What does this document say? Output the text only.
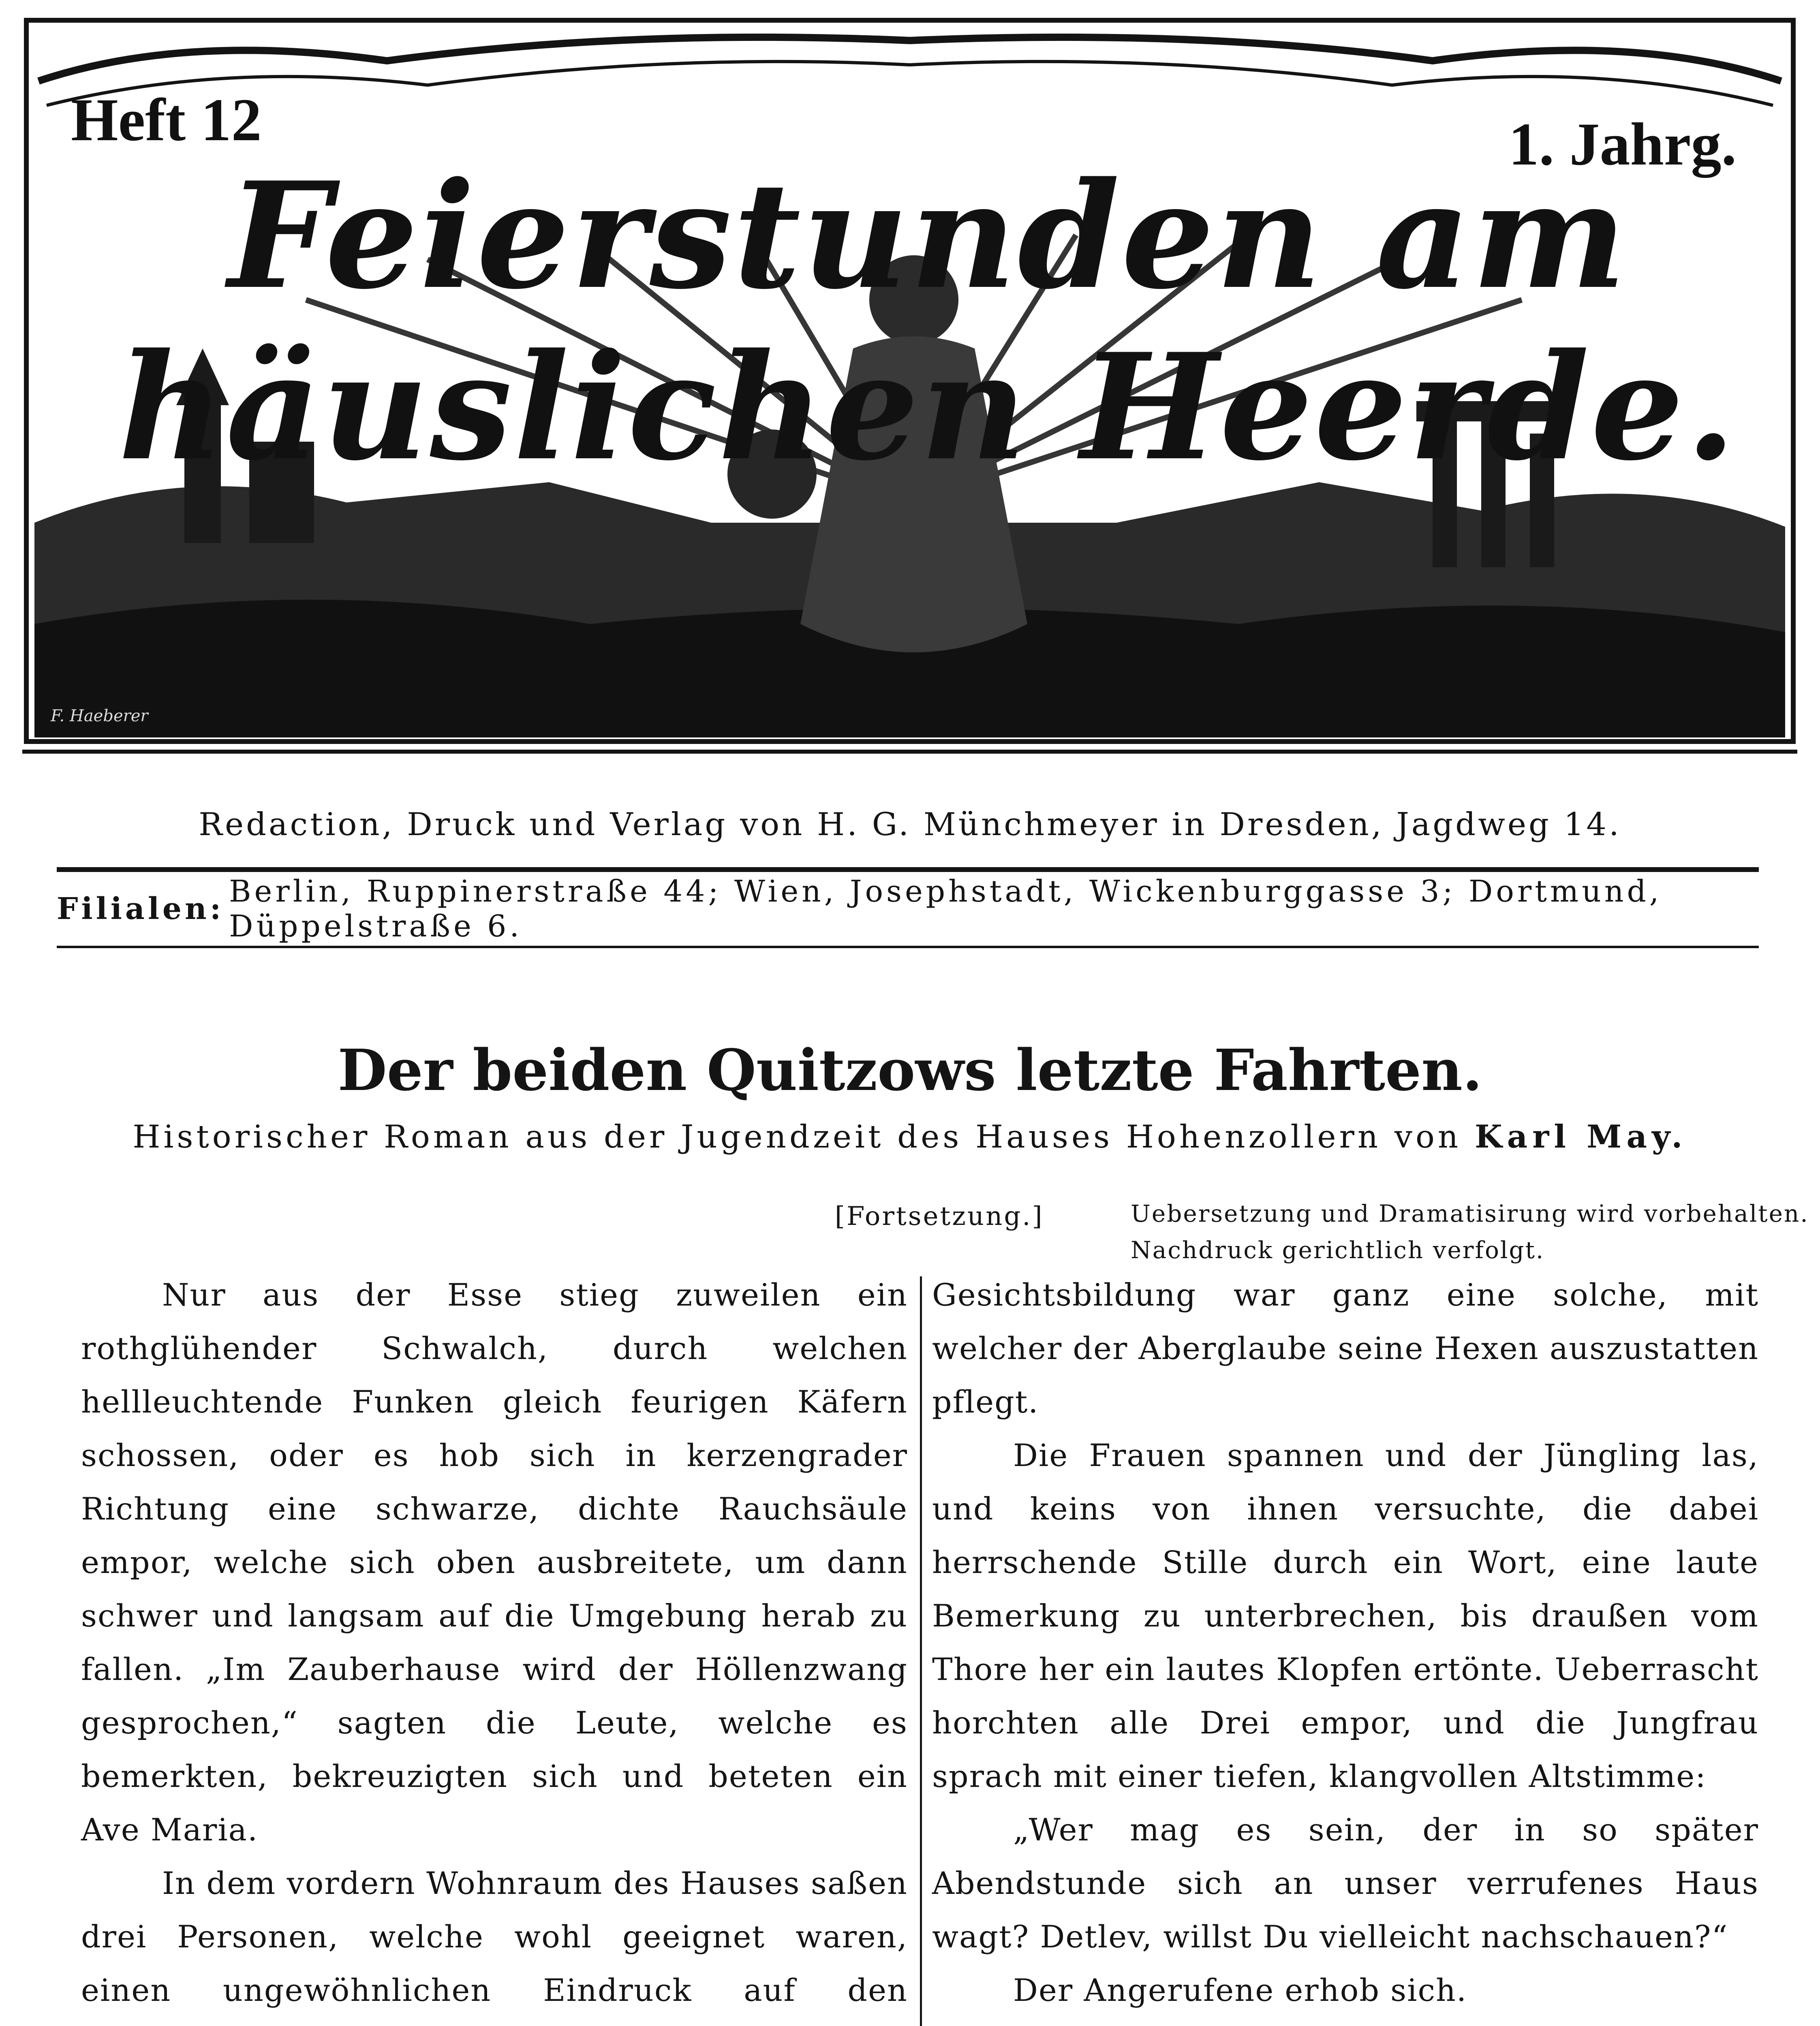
F. Haeberer
Heft 12	1. Jahrg.
Feierstunden am häuslichen Heerde.
Redaction, Druck und Verlag von H. G. Münchmeyer in Dresden, Jagdweg 14.
Filialen: Berlin, Ruppinerstraße 44; Wien, Josephstadt, Wickenburggasse 3; Dortmund, Düppelstraße 6.
Der beiden Quitzows letzte Fahrten.
Historischer Roman aus der Jugendzeit des Hauses Hohenzollern von Karl May.
[Fortsetzung.]	Uebersetzung und Dramatisirung wird vorbehalten.
Nachdruck gerichtlich verfolgt.

Nur aus der Esse stieg zuweilen ein rothglühender Schwalch, durch welchen hellleuchtende Funken gleich feurigen Käfern schossen, oder es hob sich in kerzengrader Richtung eine schwarze, dichte Rauchsäule empor, welche sich oben ausbreitete, um dann schwer und langsam auf die Umgebung herab zu fallen. „Im Zauberhause wird der Höllenzwang gesprochen,“ sagten die Leute, welche es bemerkten, bekreuzigten sich und beteten ein Ave Maria.

In dem vordern Wohnraum des Hauses saßen drei Personen, welche wohl geeignet waren, einen ungewöhnlichen Eindruck auf den

Gesichtsbildung war ganz eine solche, mit welcher der Aberglaube seine Hexen auszustatten pflegt.

Die Frauen spannen und der Jüngling las, und keins von ihnen versuchte, die dabei herrschende Stille durch ein Wort, eine laute Bemerkung zu unterbrechen, bis draußen vom Thore her ein lautes Klopfen ertönte. Ueberrascht horchten alle Drei empor, und die Jungfrau sprach mit einer tiefen, klangvollen Altstimme:

„Wer mag es sein, der in so später Abendstunde sich an unser verrufenes Haus wagt? Detlev, willst Du vielleicht nachschauen?“

Der Angerufene erhob sich.
